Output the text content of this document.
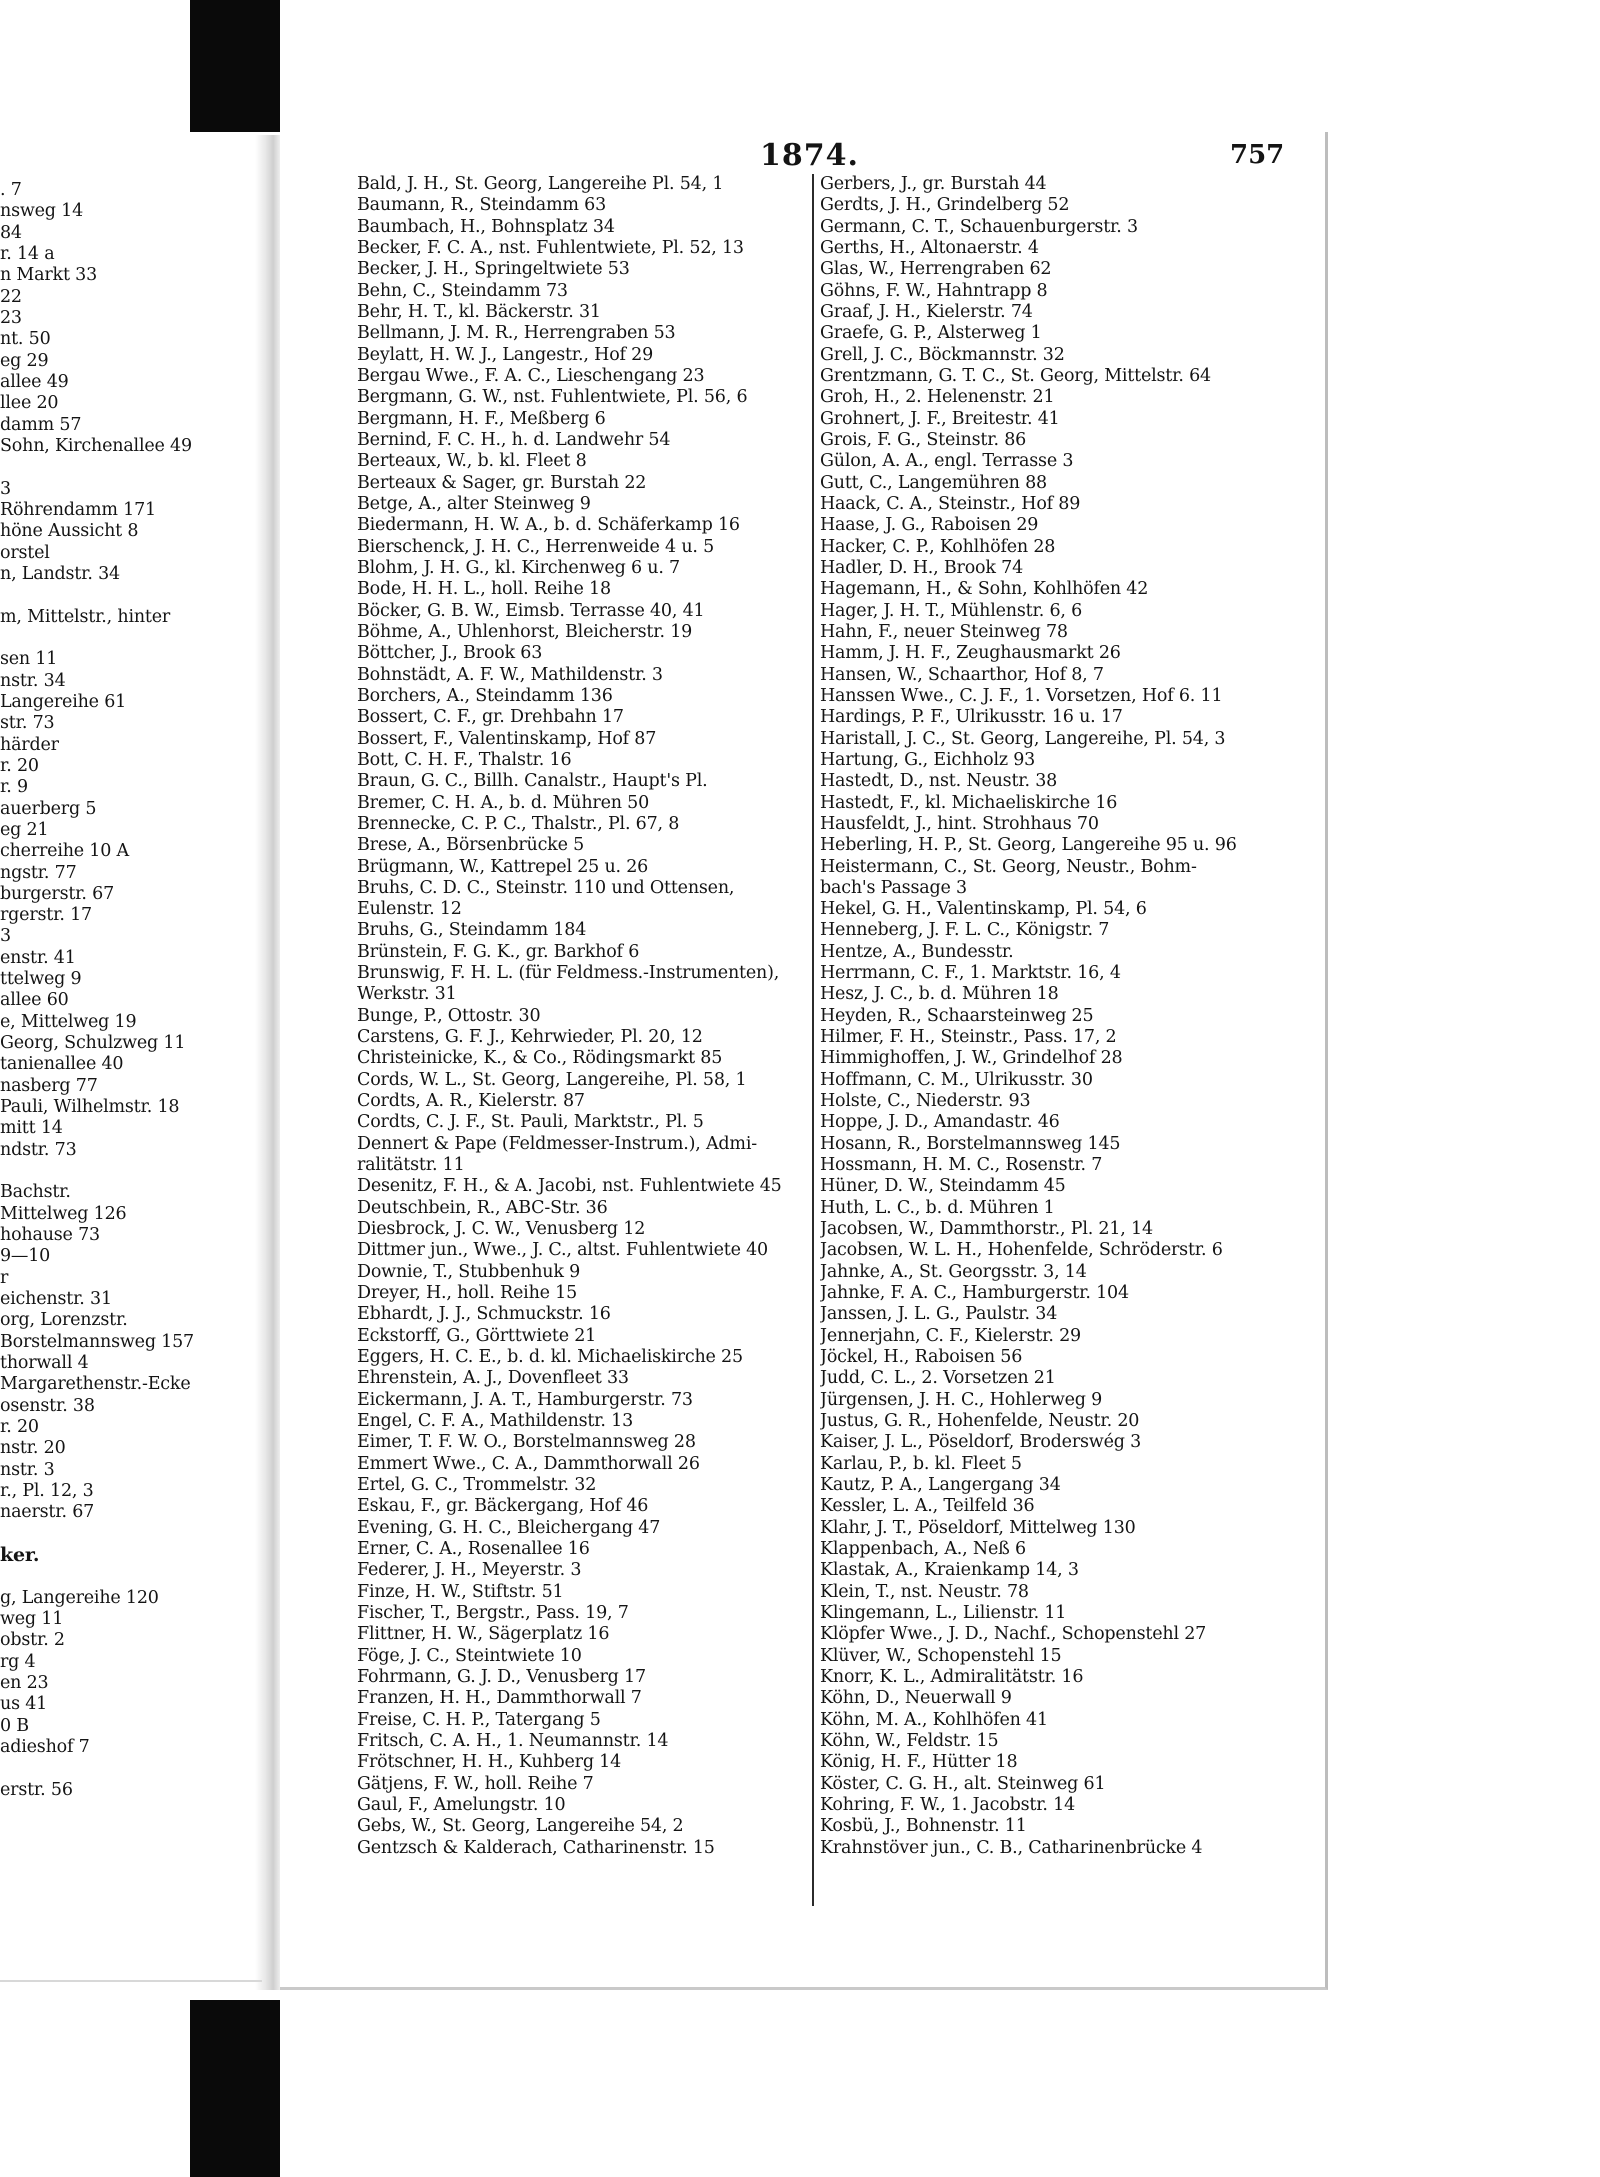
. 7
nsweg 14
84
r. 14 a
n Markt 33
22
23
nt. 50
eg 29
allee 49
llee 20
damm 57
Sohn, Kirchenallee 49
3
Röhrendamm 171
höne Aussicht 8
orstel
n, Landstr. 34
m, Mittelstr., hinter
sen 11
nstr. 34
Langereihe 61
str. 73
härder
r. 20
r. 9
auerberg 5
eg 21
cherreihe 10 A
ngstr. 77
burgerstr. 67
rgerstr. 17
3
enstr. 41
ttelweg 9
allee 60
e, Mittelweg 19
Georg, Schulzweg 11
tanienallee 40
nasberg 77
Pauli, Wilhelmstr. 18
mitt 14
ndstr. 73
Bachstr.
Mittelweg 126
hohause 73
9—10
r
eichenstr. 31
org, Lorenzstr.
Borstelmannsweg 157
thorwall 4
Margarethenstr.-Ecke
osenstr. 38
r. 20
nstr. 20
nstr. 3
r., Pl. 12, 3
naerstr. 67
ker.
g, Langereihe 120
weg 11
obstr. 2
rg 4
en 23
us 41
0 B
adieshof 7
erstr. 56
1874.	757
Bald, J. H., St. Georg, Langereihe Pl. 54, 1
Baumann, R., Steindamm 63
Baumbach, H., Bohnsplatz 34
Becker, F. C. A., nst. Fuhlentwiete, Pl. 52, 13
Becker, J. H., Springeltwiete 53
Behn, C., Steindamm 73
Behr, H. T., kl. Bäckerstr. 31
Bellmann, J. M. R., Herrengraben 53
Beylatt, H. W. J., Langestr., Hof 29
Bergau Wwe., F. A. C., Lieschengang 23
Bergmann, G. W., nst. Fuhlentwiete, Pl. 56, 6
Bergmann, H. F., Meßberg 6
Bernind, F. C. H., h. d. Landwehr 54
Berteaux, W., b. kl. Fleet 8
Berteaux & Sager, gr. Burstah 22
Betge, A., alter Steinweg 9
Biedermann, H. W. A., b. d. Schäferkamp 16
Bierschenck, J. H. C., Herrenweide 4 u. 5
Blohm, J. H. G., kl. Kirchenweg 6 u. 7
Bode, H. H. L., holl. Reihe 18
Böcker, G. B. W., Eimsb. Terrasse 40, 41
Böhme, A., Uhlenhorst, Bleicherstr. 19
Böttcher, J., Brook 63
Bohnstädt, A. F. W., Mathildenstr. 3
Borchers, A., Steindamm 136
Bossert, C. F., gr. Drehbahn 17
Bossert, F., Valentinskamp, Hof 87
Bott, C. H. F., Thalstr. 16
Braun, G. C., Billh. Canalstr., Haupt's Pl.
Bremer, C. H. A., b. d. Mühren 50
Brennecke, C. P. C., Thalstr., Pl. 67, 8
Brese, A., Börsenbrücke 5
Brügmann, W., Kattrepel 25 u. 26
Bruhs, C. D. C., Steinstr. 110 und Ottensen,
Eulenstr. 12
Bruhs, G., Steindamm 184
Brünstein, F. G. K., gr. Barkhof 6
Brunswig, F. H. L. (für Feldmess.-Instrumenten),
Werkstr. 31
Bunge, P., Ottostr. 30
Carstens, G. F. J., Kehrwieder, Pl. 20, 12
Christeinicke, K., & Co., Rödingsmarkt 85
Cords, W. L., St. Georg, Langereihe, Pl. 58, 1
Cordts, A. R., Kielerstr. 87
Cordts, C. J. F., St. Pauli, Marktstr., Pl. 5
Dennert & Pape (Feldmesser-Instrum.), Admi-
ralitätstr. 11
Desenitz, F. H., & A. Jacobi, nst. Fuhlentwiete 45
Deutschbein, R., ABC-Str. 36
Diesbrock, J. C. W., Venusberg 12
Dittmer jun., Wwe., J. C., altst. Fuhlentwiete 40
Downie, T., Stubbenhuk 9
Dreyer, H., holl. Reihe 15
Ebhardt, J. J., Schmuckstr. 16
Eckstorff, G., Görttwiete 21
Eggers, H. C. E., b. d. kl. Michaeliskirche 25
Ehrenstein, A. J., Dovenfleet 33
Eickermann, J. A. T., Hamburgerstr. 73
Engel, C. F. A., Mathildenstr. 13
Eimer, T. F. W. O., Borstelmannsweg 28
Emmert Wwe., C. A., Dammthorwall 26
Ertel, G. C., Trommelstr. 32
Eskau, F., gr. Bäckergang, Hof 46
Evening, G. H. C., Bleichergang 47
Erner, C. A., Rosenallee 16
Federer, J. H., Meyerstr. 3
Finze, H. W., Stiftstr. 51
Fischer, T., Bergstr., Pass. 19, 7
Flittner, H. W., Sägerplatz 16
Föge, J. C., Steintwiete 10
Fohrmann, G. J. D., Venusberg 17
Franzen, H. H., Dammthorwall 7
Freise, C. H. P., Tatergang 5
Fritsch, C. A. H., 1. Neumannstr. 14
Frötschner, H. H., Kuhberg 14
Gätjens, F. W., holl. Reihe 7
Gaul, F., Amelungstr. 10
Gebs, W., St. Georg, Langereihe 54, 2
Gentzsch & Kalderach, Catharinenstr. 15
Gerbers, J., gr. Burstah 44
Gerdts, J. H., Grindelberg 52
Germann, C. T., Schauenburgerstr. 3
Gerths, H., Altonaerstr. 4
Glas, W., Herrengraben 62
Göhns, F. W., Hahntrapp 8
Graaf, J. H., Kielerstr. 74
Graefe, G. P., Alsterweg 1
Grell, J. C., Böckmannstr. 32
Grentzmann, G. T. C., St. Georg, Mittelstr. 64
Groh, H., 2. Helenenstr. 21
Grohnert, J. F., Breitestr. 41
Grois, F. G., Steinstr. 86
Gülon, A. A., engl. Terrasse 3
Gutt, C., Langemühren 88
Haack, C. A., Steinstr., Hof 89
Haase, J. G., Raboisen 29
Hacker, C. P., Kohlhöfen 28
Hadler, D. H., Brook 74
Hagemann, H., & Sohn, Kohlhöfen 42
Hager, J. H. T., Mühlenstr. 6, 6
Hahn, F., neuer Steinweg 78
Hamm, J. H. F., Zeughausmarkt 26
Hansen, W., Schaarthor, Hof 8, 7
Hanssen Wwe., C. J. F., 1. Vorsetzen, Hof 6. 11
Hardings, P. F., Ulrikusstr. 16 u. 17
Haristall, J. C., St. Georg, Langereihe, Pl. 54, 3
Hartung, G., Eichholz 93
Hastedt, D., nst. Neustr. 38
Hastedt, F., kl. Michaeliskirche 16
Hausfeldt, J., hint. Strohhaus 70
Heberling, H. P., St. Georg, Langereihe 95 u. 96
Heistermann, C., St. Georg, Neustr., Bohm-
bach's Passage 3
Hekel, G. H., Valentinskamp, Pl. 54, 6
Henneberg, J. F. L. C., Königstr. 7
Hentze, A., Bundesstr.
Herrmann, C. F., 1. Marktstr. 16, 4
Hesz, J. C., b. d. Mühren 18
Heyden, R., Schaarsteinweg 25
Hilmer, F. H., Steinstr., Pass. 17, 2
Himmighoffen, J. W., Grindelhof 28
Hoffmann, C. M., Ulrikusstr. 30
Holste, C., Niederstr. 93
Hoppe, J. D., Amandastr. 46
Hosann, R., Borstelmannsweg 145
Hossmann, H. M. C., Rosenstr. 7
Hüner, D. W., Steindamm 45
Huth, L. C., b. d. Mühren 1
Jacobsen, W., Dammthorstr., Pl. 21, 14
Jacobsen, W. L. H., Hohenfelde, Schröderstr. 6
Jahnke, A., St. Georgsstr. 3, 14
Jahnke, F. A. C., Hamburgerstr. 104
Janssen, J. L. G., Paulstr. 34
Jennerjahn, C. F., Kielerstr. 29
Jöckel, H., Raboisen 56
Judd, C. L., 2. Vorsetzen 21
Jürgensen, J. H. C., Hohlerweg 9
Justus, G. R., Hohenfelde, Neustr. 20
Kaiser, J. L., Pöseldorf, Broderswég 3
Karlau, P., b. kl. Fleet 5
Kautz, P. A., Langergang 34
Kessler, L. A., Teilfeld 36
Klahr, J. T., Pöseldorf, Mittelweg 130
Klappenbach, A., Neß 6
Klastak, A., Kraienkamp 14, 3
Klein, T., nst. Neustr. 78
Klingemann, L., Lilienstr. 11
Klöpfer Wwe., J. D., Nachf., Schopenstehl 27
Klüver, W., Schopenstehl 15
Knorr, K. L., Admiralitätstr. 16
Köhn, D., Neuerwall 9
Köhn, M. A., Kohlhöfen 41
Köhn, W., Feldstr. 15
König, H. F., Hütter 18
Köster, C. G. H., alt. Steinweg 61
Kohring, F. W., 1. Jacobstr. 14
Kosbü, J., Bohnenstr. 11
Krahnstöver jun., C. B., Catharinenbrücke 4
